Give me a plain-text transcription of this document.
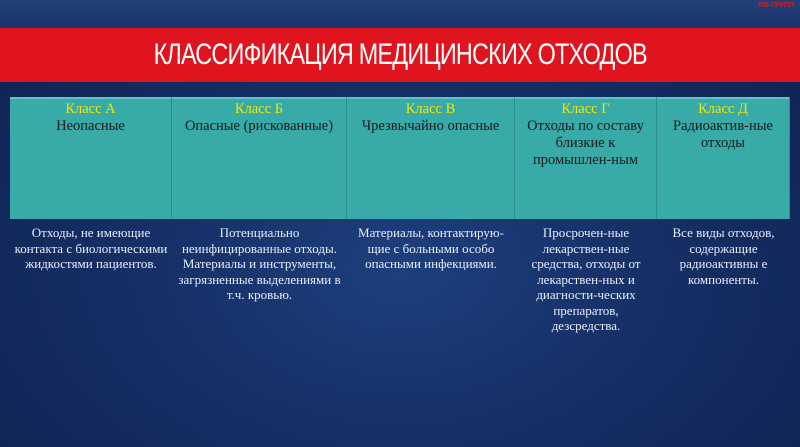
YIB ГРУПП
КЛАССИФИКАЦИЯ МЕДИЦИНСКИХ ОТХОДОВ
Класс А
Неопасные
Класс Б
Опасные (рискованные)
Класс В
Чрезвычайно опасные
Класс Г
Отходы по составу близкие к промышлен-ным
Класс Д
Радиоактив-ные отходы
Отходы, не имеющие контакта с биологическими жидкостями пациентов.
Потенциально неинфицированные отходы. Материалы и инструменты, загрязненные выделениями в т.ч. кровью.
Материалы, контактирую-щие с больными особо опасными инфекциями.
Просрочен-ные лекарствен-ные средства, отходы от лекарствен-ных и диагности-ческих препаратов, дезсредства.
Все виды отходов, содержащие радиоактивны е компоненты.
